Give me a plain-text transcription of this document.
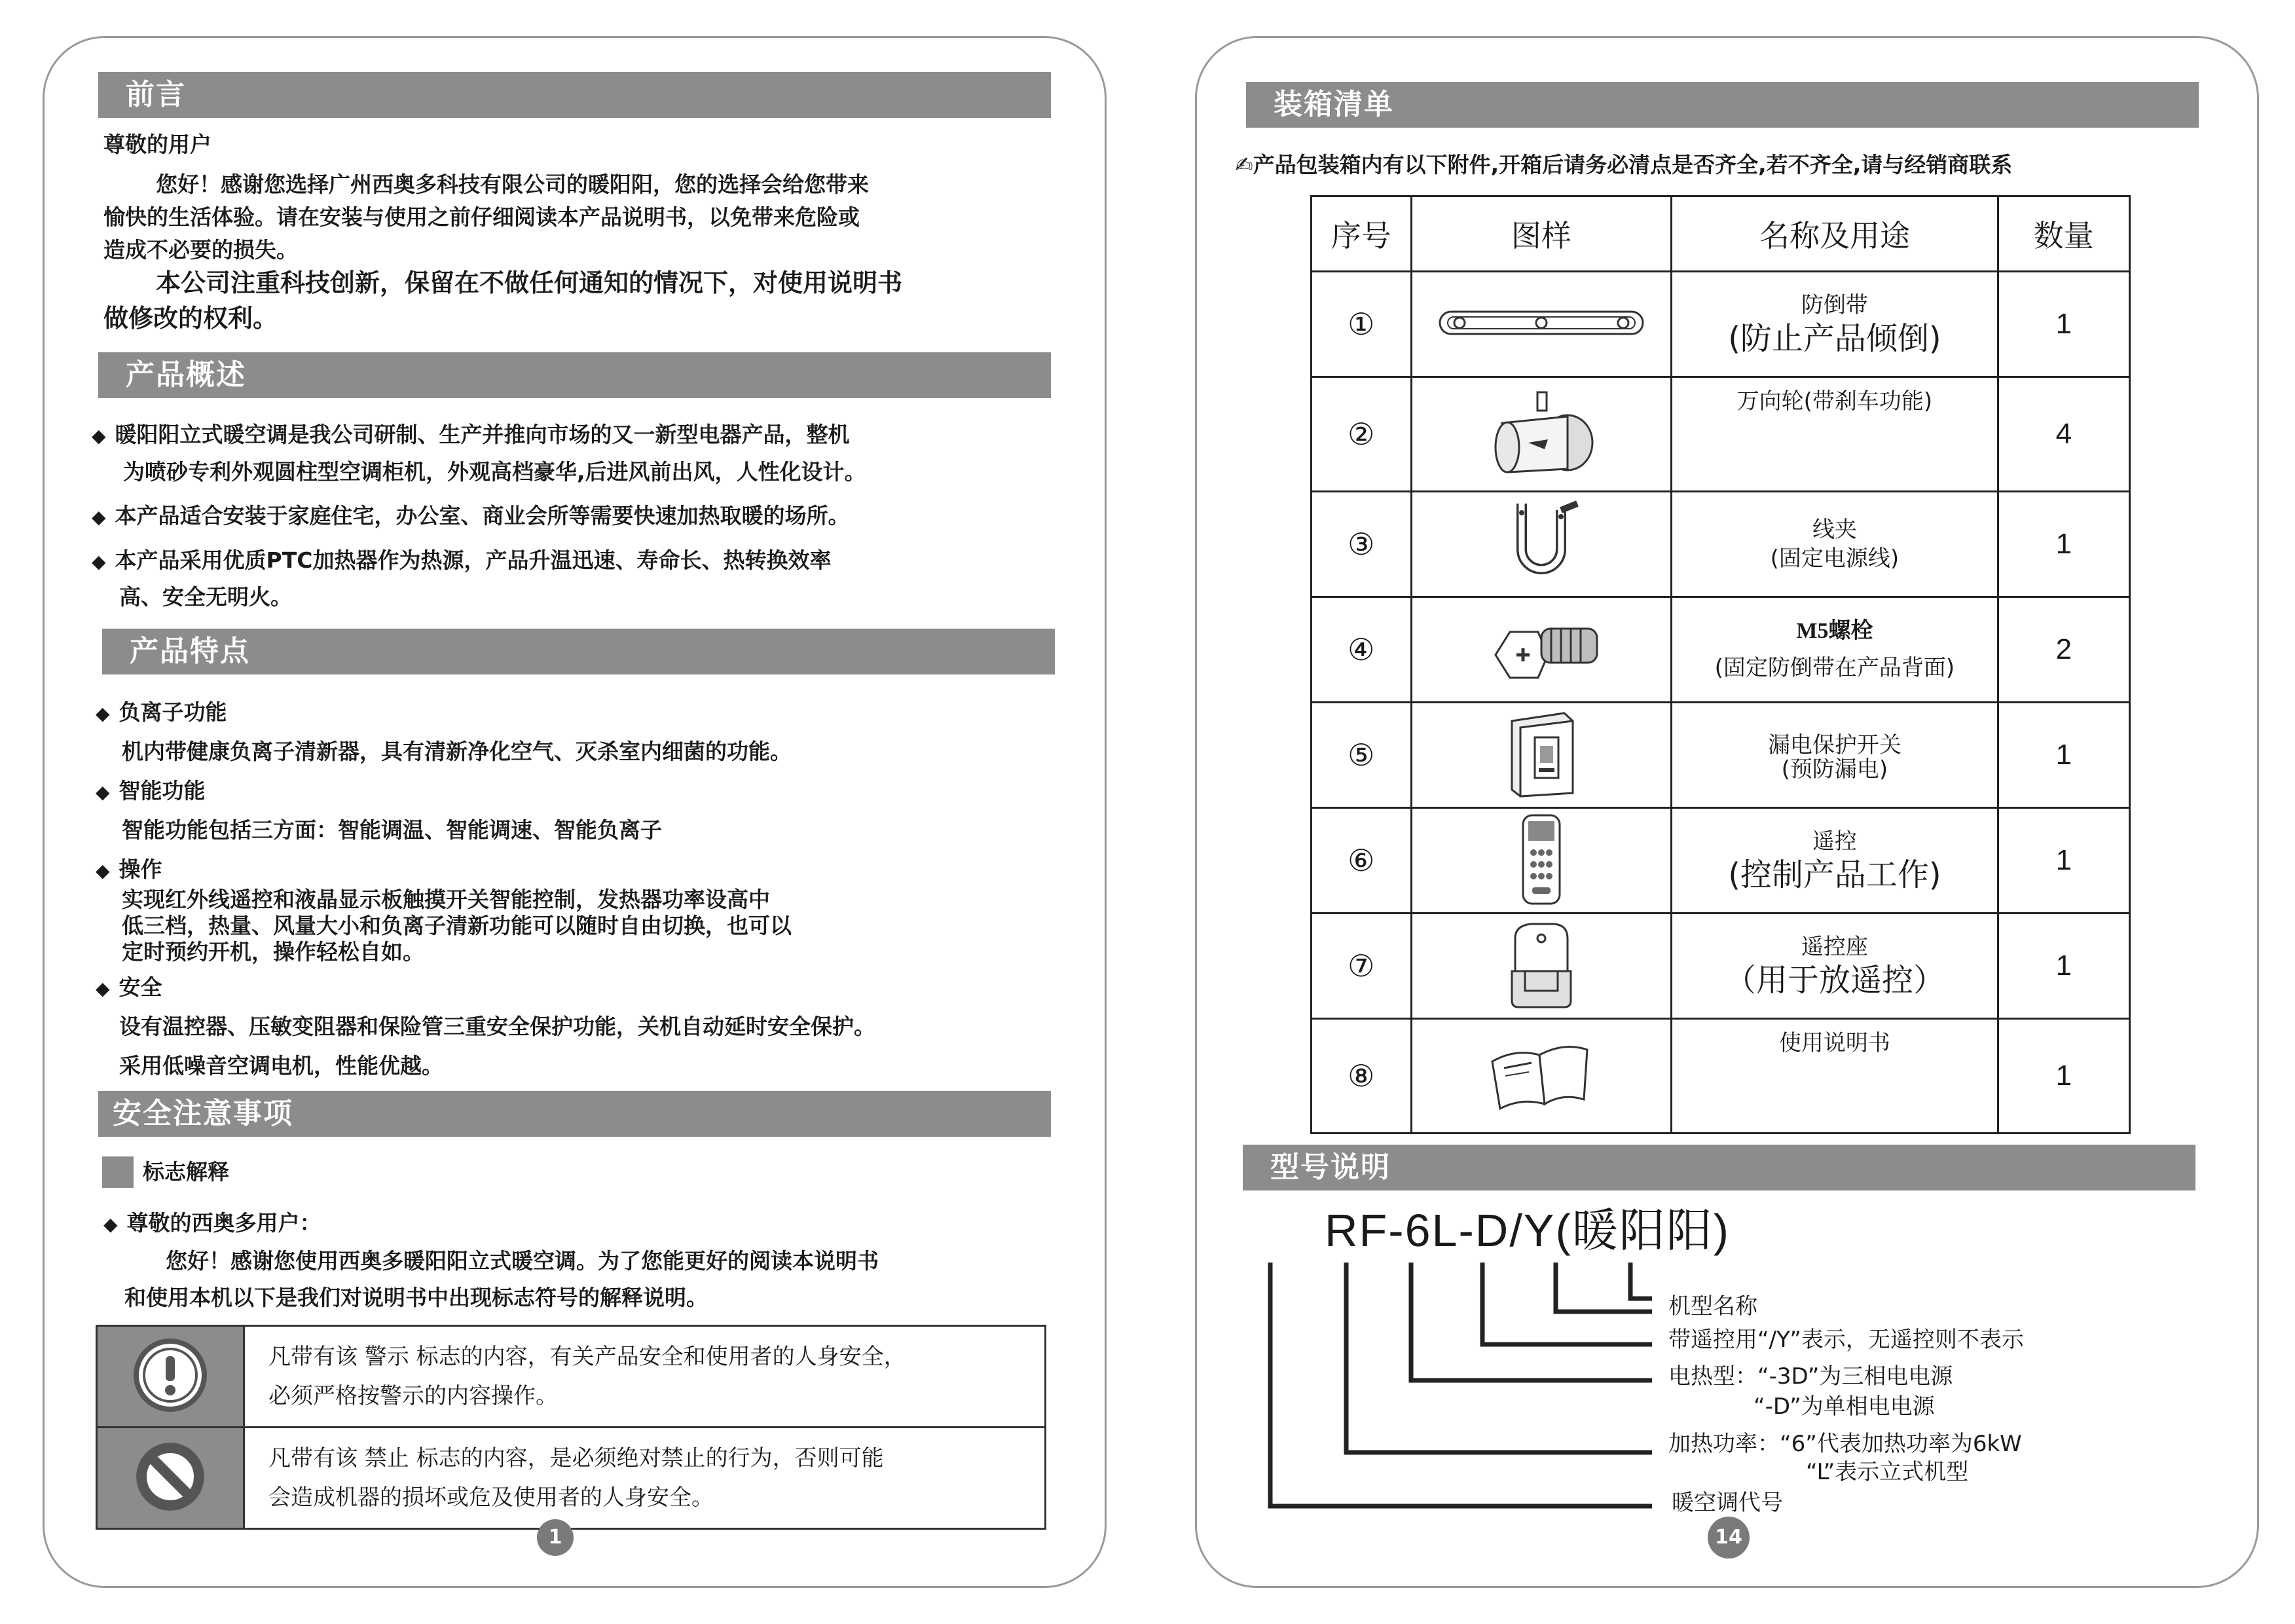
前言
尊敬的用户
您好！感谢您选择广州西奥多科技有限公司的暖阳阳，您的选择会给您带来
愉快的生活体验。请在安装与使用之前仔细阅读本产品说明书，以免带来危险或
造成不必要的损失。
本公司注重科技创新，保留在不做任何通知的情况下，对使用说明书
做修改的权利。
产品概述
◆ 暖阳阳立式暖空调是我公司研制、生产并推向市场的又一新型电器产品，整机
为喷砂专利外观圆柱型空调柜机，外观高档豪华,后进风前出风，人性化设计。
◆ 本产品适合安装于家庭住宅，办公室、商业会所等需要快速加热取暖的场所。
◆ 本产品采用优质PTC加热器作为热源，产品升温迅速、寿命长、热转换效率
高、安全无明火。
产品特点
◆ 负离子功能
机内带健康负离子清新器，具有清新净化空气、灭杀室内细菌的功能。
◆ 智能功能
智能功能包括三方面：智能调温、智能调速、智能负离子
◆ 操作
实现红外线遥控和液晶显示板触摸开关智能控制，发热器功率设高中
低三档，热量、风量大小和负离子清新功能可以随时自由切换，也可以
定时预约开机，操作轻松自如。
◆ 安全
设有温控器、压敏变阻器和保险管三重安全保护功能，关机自动延时安全保护。
采用低噪音空调电机，性能优越。
安全注意事项
标志解释
◆ 尊敬的西奥多用户：
您好！感谢您使用西奥多暖阳阳立式暖空调。为了您能更好的阅读本说明书
和使用本机以下是我们对说明书中出现标志符号的解释说明。

凡带有该 警示 标志的内容，有关产品安全和使用者的人身安全，
必须严格按警示的内容操作。

凡带有该 禁止 标志的内容，是必须绝对禁止的行为，否则可能
会造成机器的损坏或危及使用者的人身安全。
1
装箱清单
✍产品包装箱内有以下附件,开箱后请务必清点是否齐全,若不齐全,请与经销商联系
序号	图样	名称及用途	数量
①		防倒带
(防止产品倾倒)	1
②		万向轮(带刹车功能)	4
③		线夹
(固定电源线)	1
④		M5螺栓
(固定防倒带在产品背面)	2
⑤		漏电保护开关
(预防漏电)	1
⑥		遥控
(控制产品工作)	1
⑦		遥控座
（用于放遥控）	1
⑧		使用说明书	1
型号说明
RF-6L-D/Y(暖阳阳)
机型名称
带遥控用“/Y”表示，无遥控则不表示
电热型：“-3D”为三相电电源
“-D”为单相电电源
加热功率：“6”代表加热功率为6kW
“L”表示立式机型
暖空调代号
14
